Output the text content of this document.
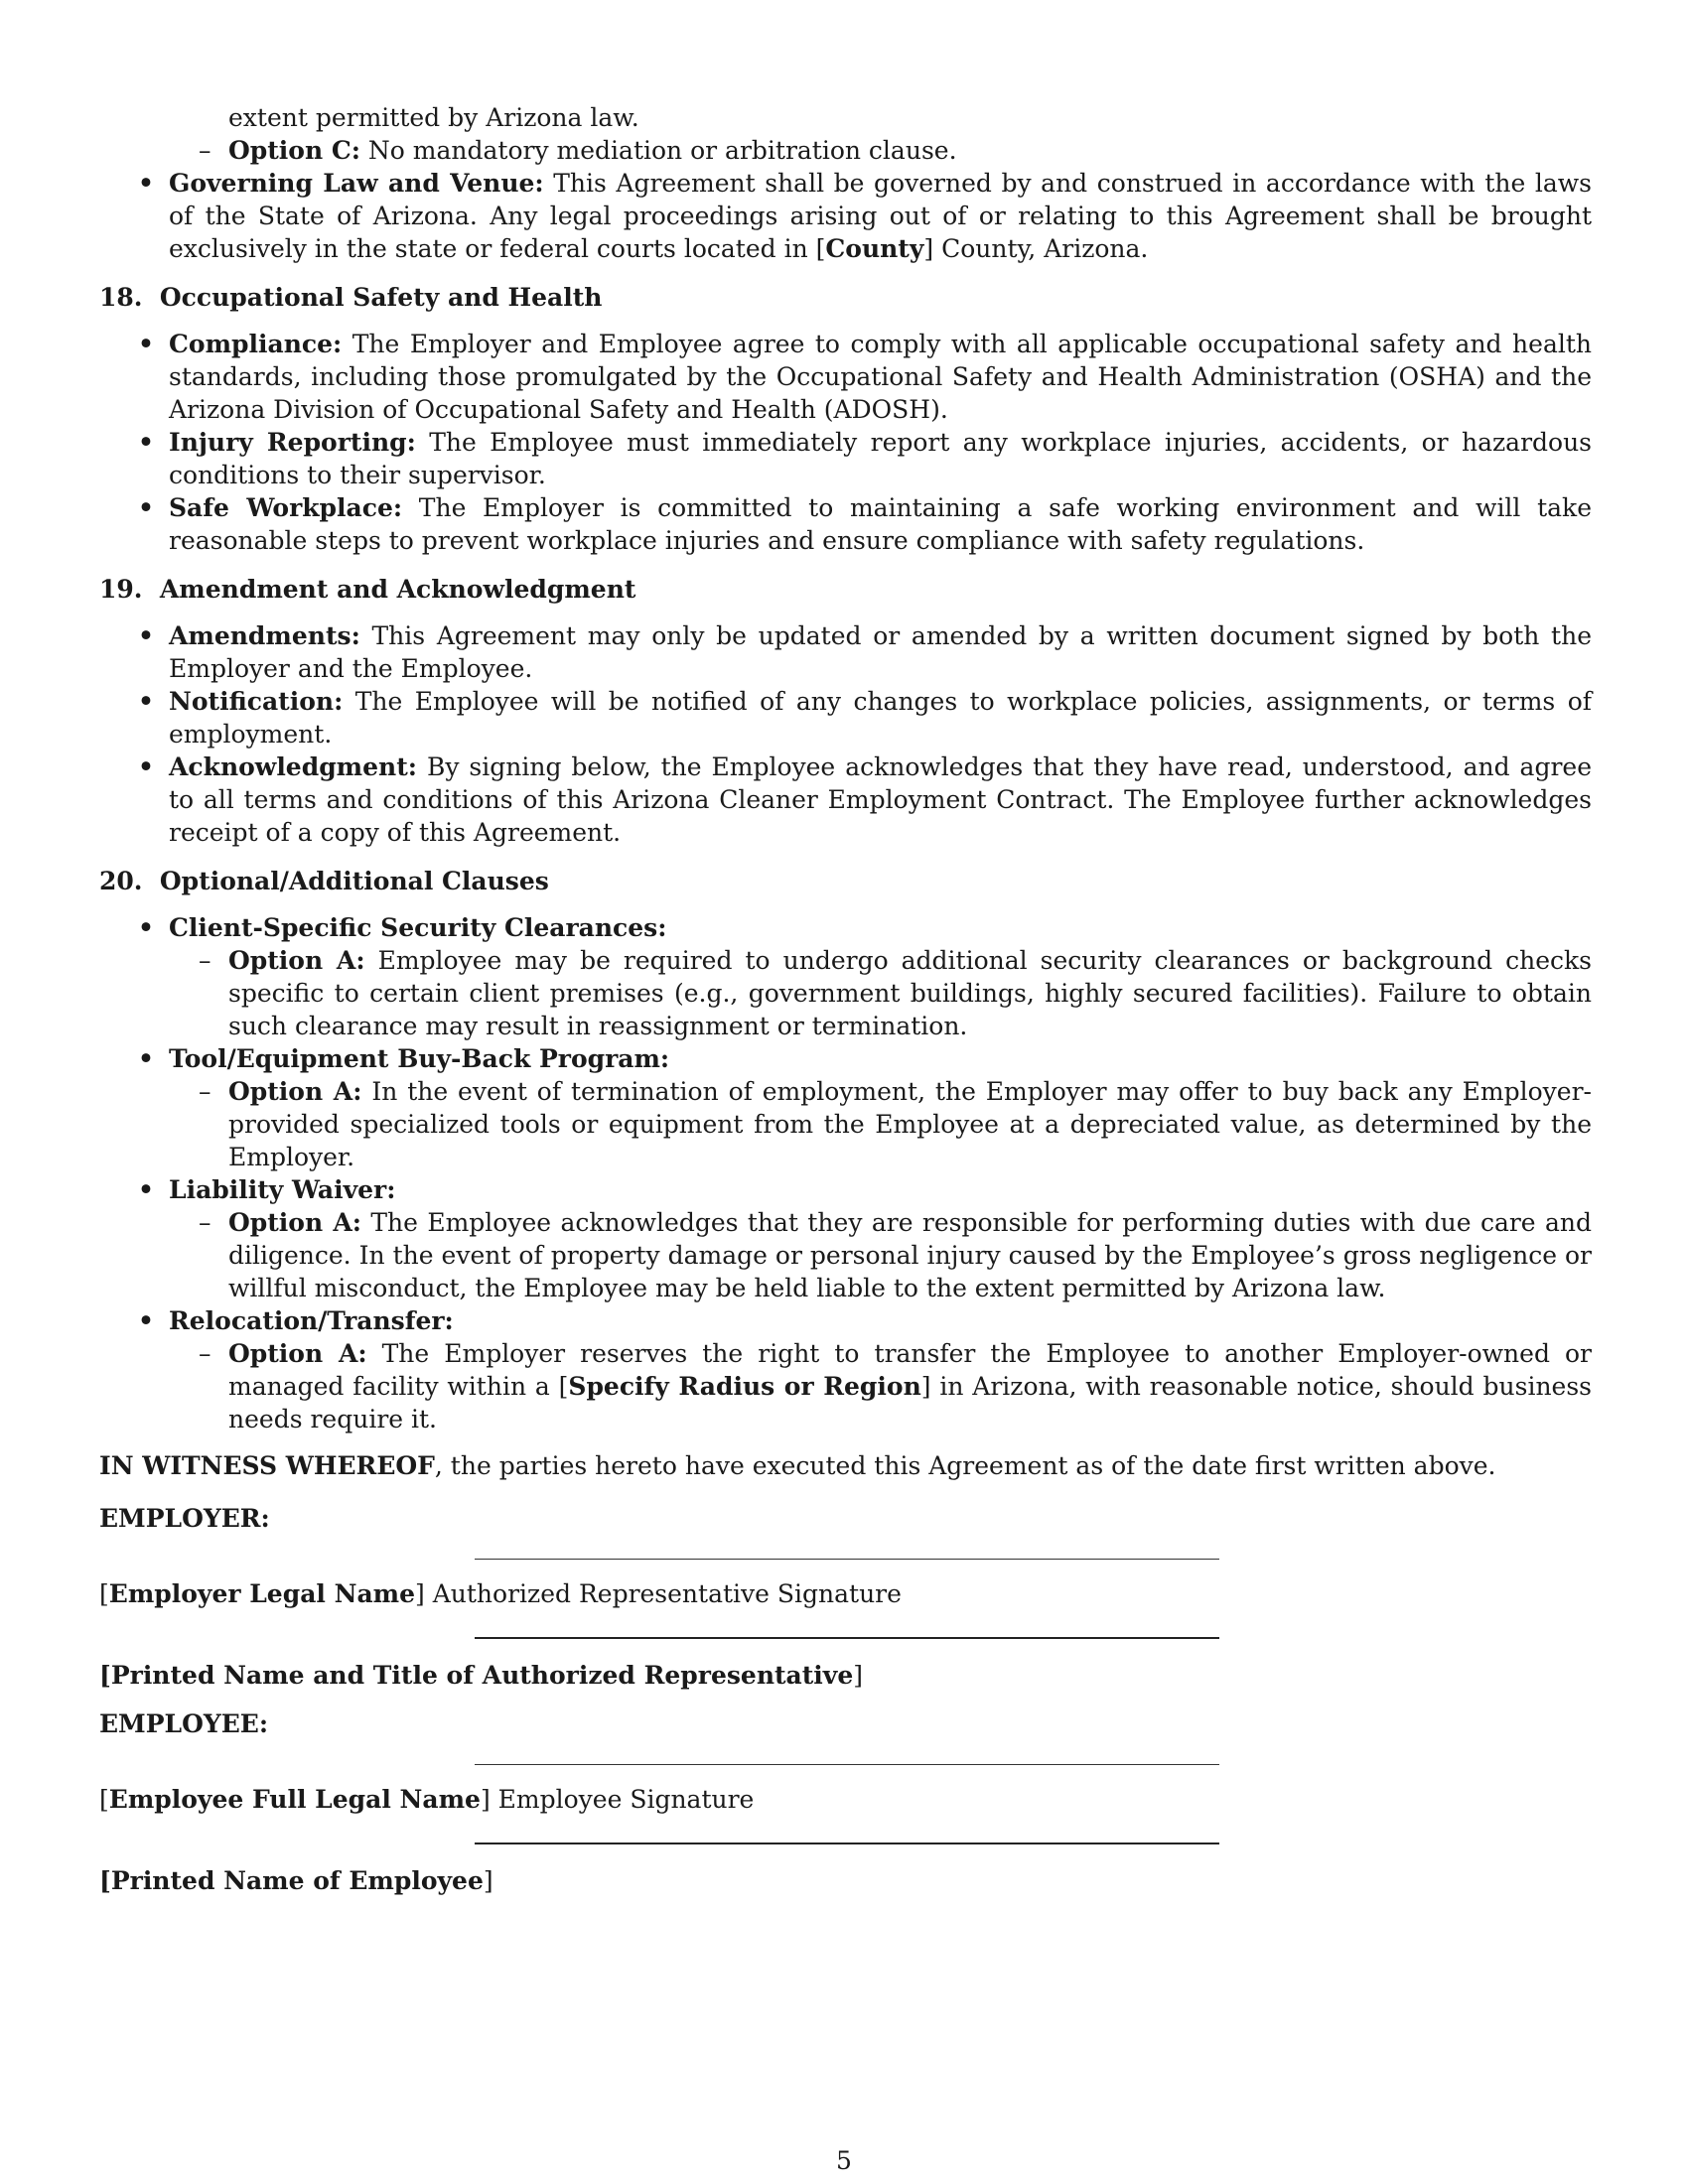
extent permitted by Arizona law.

– Option C: No mandatory mediation or arbitration clause.
• Governing Law and Venue: This Agreement shall be governed by and construed in accordance with the laws of the State of Arizona. Any legal proceedings arising out of or relating to this Agreement shall be brought exclusively in the state or federal courts located in [County] County, Arizona.

18.  Occupational Safety and Health

• Compliance: The Employer and Employee agree to comply with all applicable occupational safety and health standards, including those promulgated by the Occupational Safety and Health Administration (OSHA) and the Arizona Division of Occupational Safety and Health (ADOSH).
• Injury Reporting: The Employee must immediately report any workplace injuries, accidents, or hazardous conditions to their supervisor.
• Safe Workplace: The Employer is committed to maintaining a safe working environment and will take reasonable steps to prevent workplace injuries and ensure compliance with safety regulations.

19.  Amendment and Acknowledgment

• Amendments: This Agreement may only be updated or amended by a written document signed by both the Employer and the Employee.
• Notification: The Employee will be notified of any changes to workplace policies, assignments, or terms of employment.
• Acknowledgment: By signing below, the Employee acknowledges that they have read, understood, and agree to all terms and conditions of this Arizona Cleaner Employment Contract. The Employee further acknowledges receipt of a copy of this Agreement.

20.  Optional/Additional Clauses

• Client-Specific Security Clearances:
– Option A: Employee may be required to undergo additional security clearances or background checks specific to certain client premises (e.g., government buildings, highly secured facilities). Failure to obtain such clearance may result in reassignment or termination.
• Tool/Equipment Buy-Back Program:
– Option A: In the event of termination of employment, the Employer may offer to buy back any Employer-provided specialized tools or equipment from the Employee at a depreciated value, as determined by the Employer.
• Liability Waiver:
– Option A: The Employee acknowledges that they are responsible for performing duties with due care and diligence. In the event of property damage or personal injury caused by the Employee’s gross negligence or willful misconduct, the Employee may be held liable to the extent permitted by Arizona law.
• Relocation/Transfer:
– Option A: The Employer reserves the right to transfer the Employee to another Employer-owned or managed facility within a [Specify Radius or Region] in Arizona, with reasonable notice, should business needs require it.

IN WITNESS WHEREOF, the parties hereto have executed this Agreement as of the date first written above.

EMPLOYER:

[Employer Legal Name] Authorized Representative Signature

[Printed Name and Title of Authorized Representative]

EMPLOYEE:

[Employee Full Legal Name] Employee Signature

[Printed Name of Employee]

5
